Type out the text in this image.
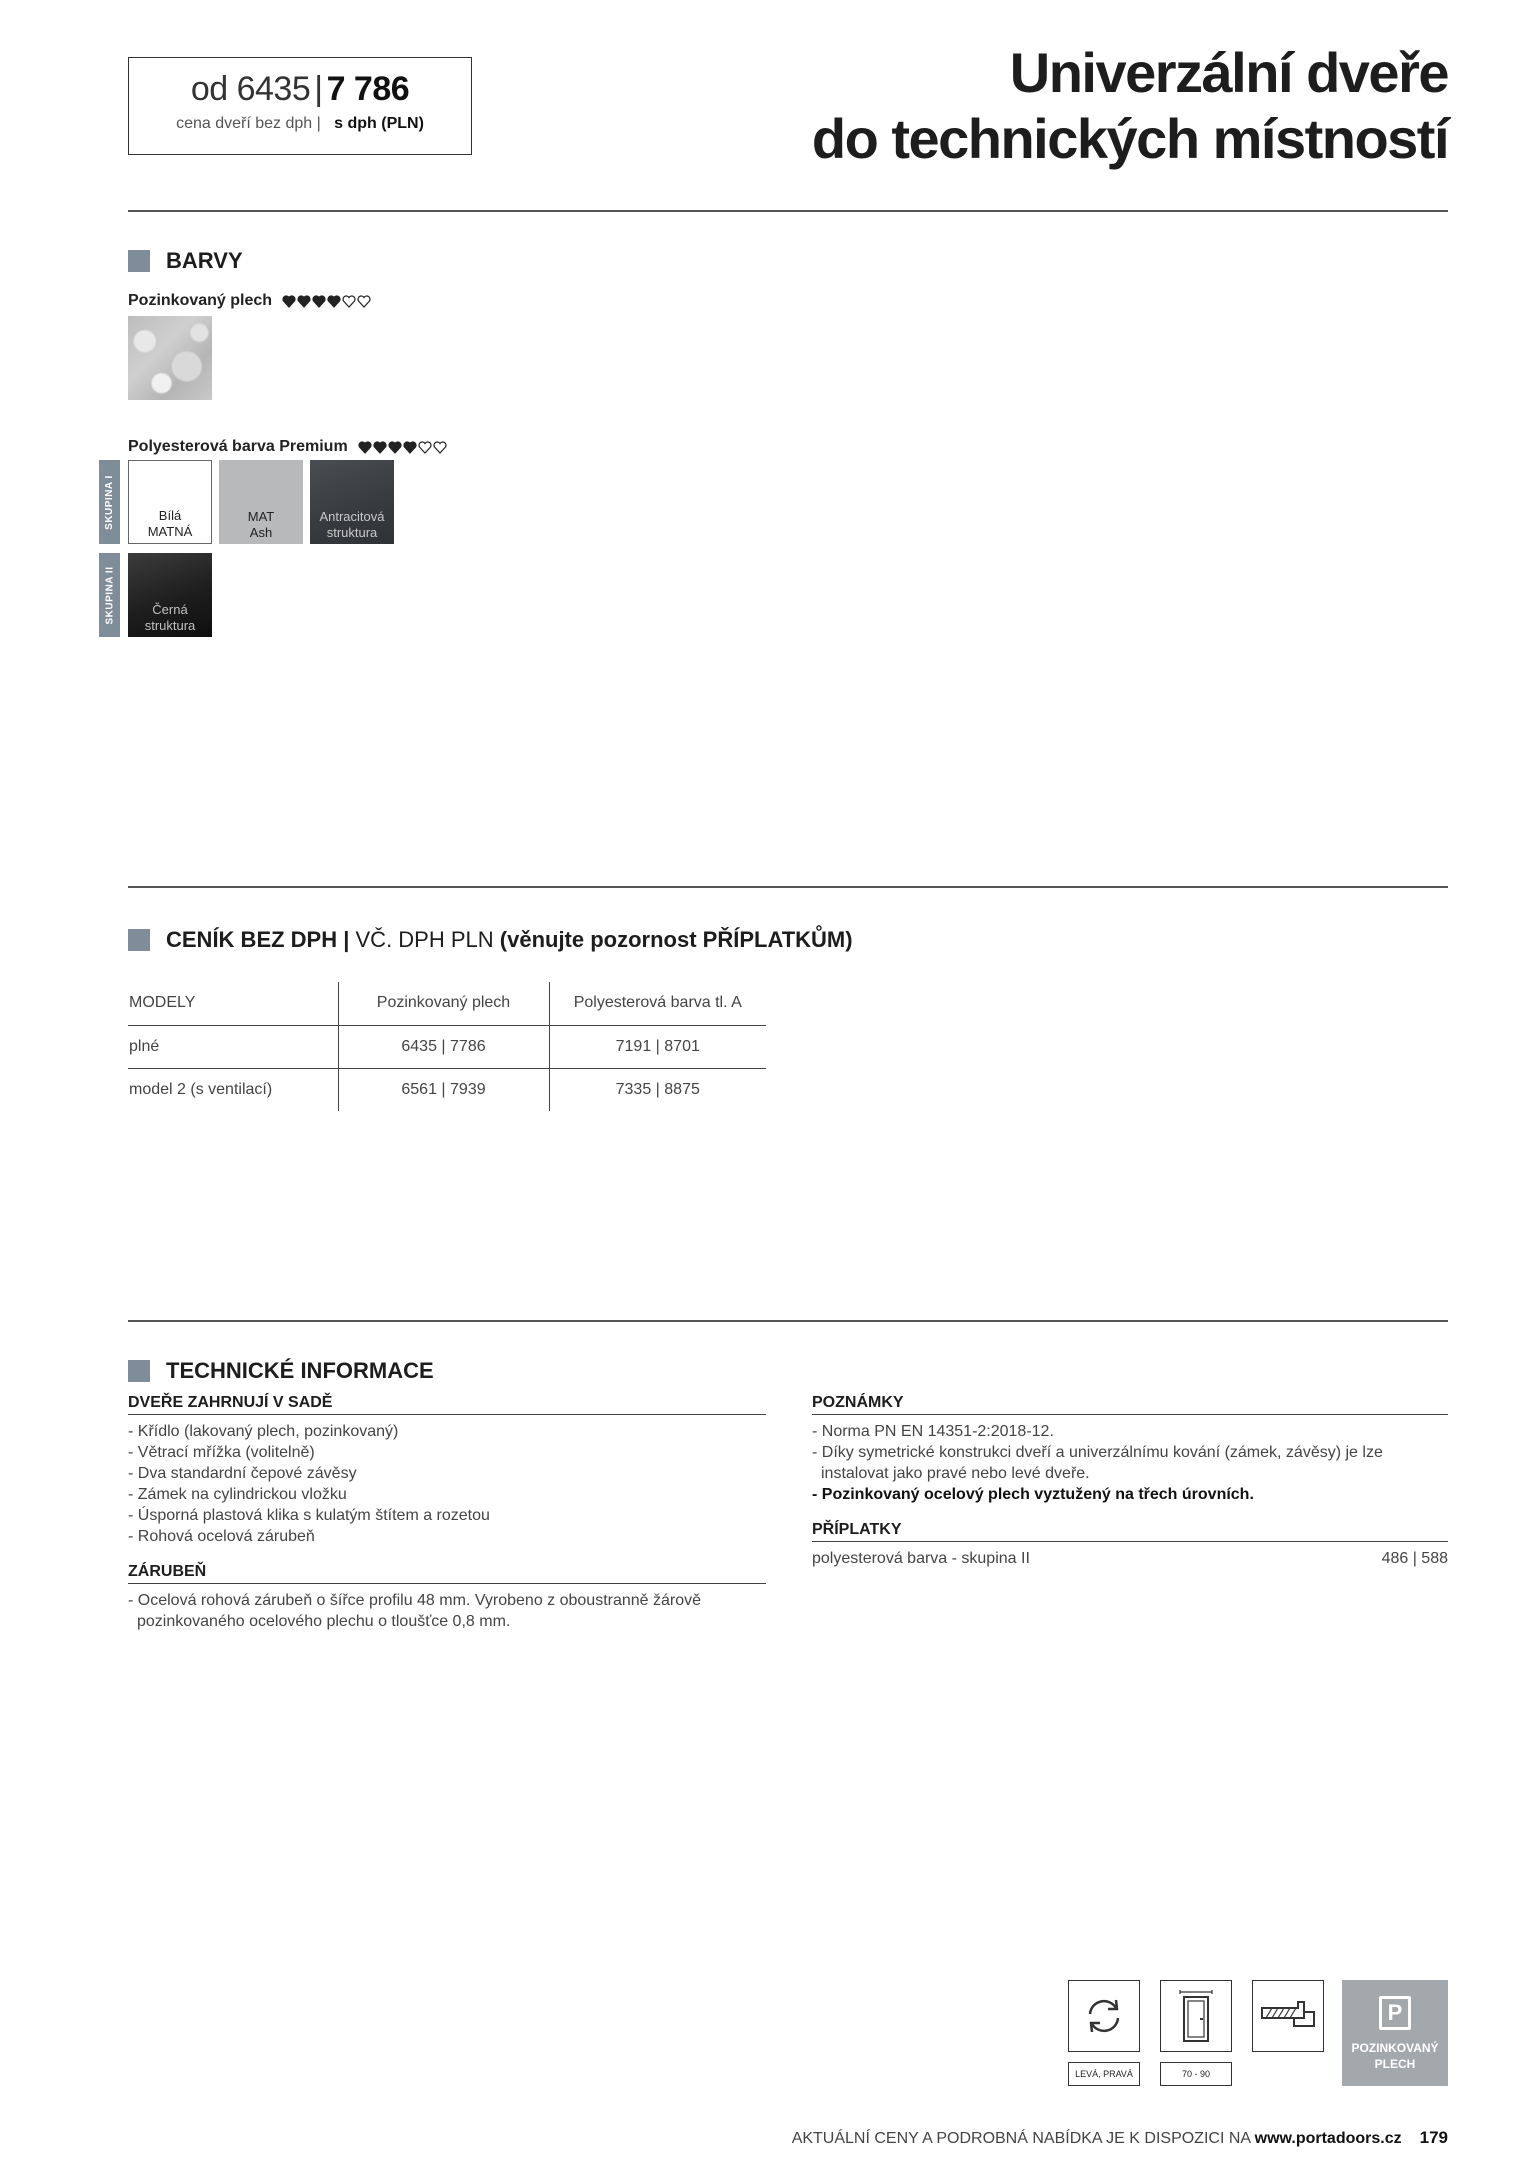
od 6435 | 7 786
cena dveří bez dph | s dph (PLN)
Univerzální dveře
do technických místností
BARVY
Pozinkovaný plech
Polyesterová barva Premium
SKUPINA I
SKUPINA II
Bílá
MATNÁ
MAT
Ash
Antracitová
struktura
Černá
struktura
CENÍK BEZ DPH | VČ. DPH PLN (věnujte pozornost PŘÍPLATKŮM)
MODELY	Pozinkovaný plech	Polyesterová barva tl. A
plné	6435 | 7786	7191 | 8701
model 2 (s ventilací)	6561 | 7939	7335 | 8875
TECHNICKÉ INFORMACE
DVEŘE ZAHRNUJÍ V SADĚ
- Křídlo (lakovaný plech, pozinkovaný)
- Větrací mřížka (volitelně)
- Dva standardní čepové závěsy
- Zámek na cylindrickou vložku
- Úsporná plastová klika s kulatým štítem a rozetou
- Rohová ocelová zárubeň
ZÁRUBEŇ
- Ocelová rohová zárubeň o šířce profilu 48 mm. Vyrobeno z oboustranně žárově pozinkovaného ocelového plechu o tloušťce 0,8 mm.
POZNÁMKY
- Norma PN EN 14351-2:2018-12.
- Díky symetrické konstrukci dveří a univerzálnímu kování (zámek, závěsy) je lze instalovat jako pravé nebo levé dveře.
- Pozinkovaný ocelový plech vyztužený na třech úrovních.
PŘÍPLATKY
polyesterová barva - skupina II	486 | 588
LEVÁ, PRAVÁ	70 - 90
P
POZINKOVANÝ
PLECH
AKTUÁLNÍ CENY A PODROBNÁ NABÍDKA JE K DISPOZICI NA www.portadoors.cz 179
